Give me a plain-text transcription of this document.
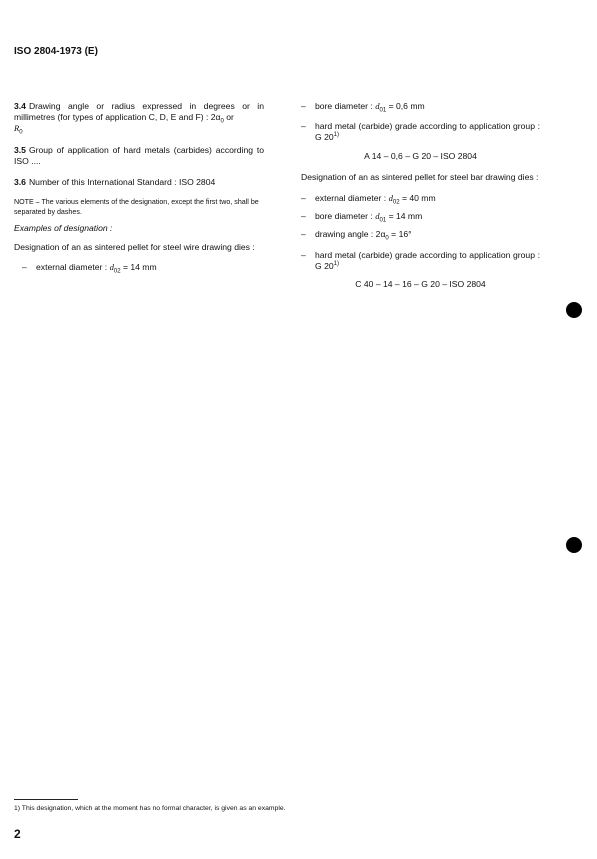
ISO 2804-1973 (E)

3.4 Drawing angle or radius expressed in degrees or in millimetres (for types of application C, D, E and F) : $2\alpha_0$ or
$R_0$

3.5 Group of application of hard metals (carbides) according to ISO ....

3.6 Number of this International Standard : ISO 2804

NOTE – The various elements of the designation, except the first two, shall be separated by dashes.

Examples of designation :

Designation of an as sintered pellet for steel wire drawing dies :

–	external diameter : $d_{02} = 14$ mm
–	bore diameter : $d_{01} = 0,6$ mm
–	hard metal (carbide) grade according to application group : G 20$^{1)}$

A 14 – 0,6 – G 20 – ISO 2804

Designation of an as sintered pellet for steel bar drawing dies :

–	external diameter : $d_{02} = 40$ mm
–	bore diameter : $d_{01} = 14$ mm
–	drawing angle : $2\alpha_0 = 16^\circ$
–	hard metal (carbide) grade according to application group : G 20$^{1)}$

C 40 – 14 – 16 – G 20 – ISO 2804

1) This designation, which at the moment has no formal character, is given as an example.
2
